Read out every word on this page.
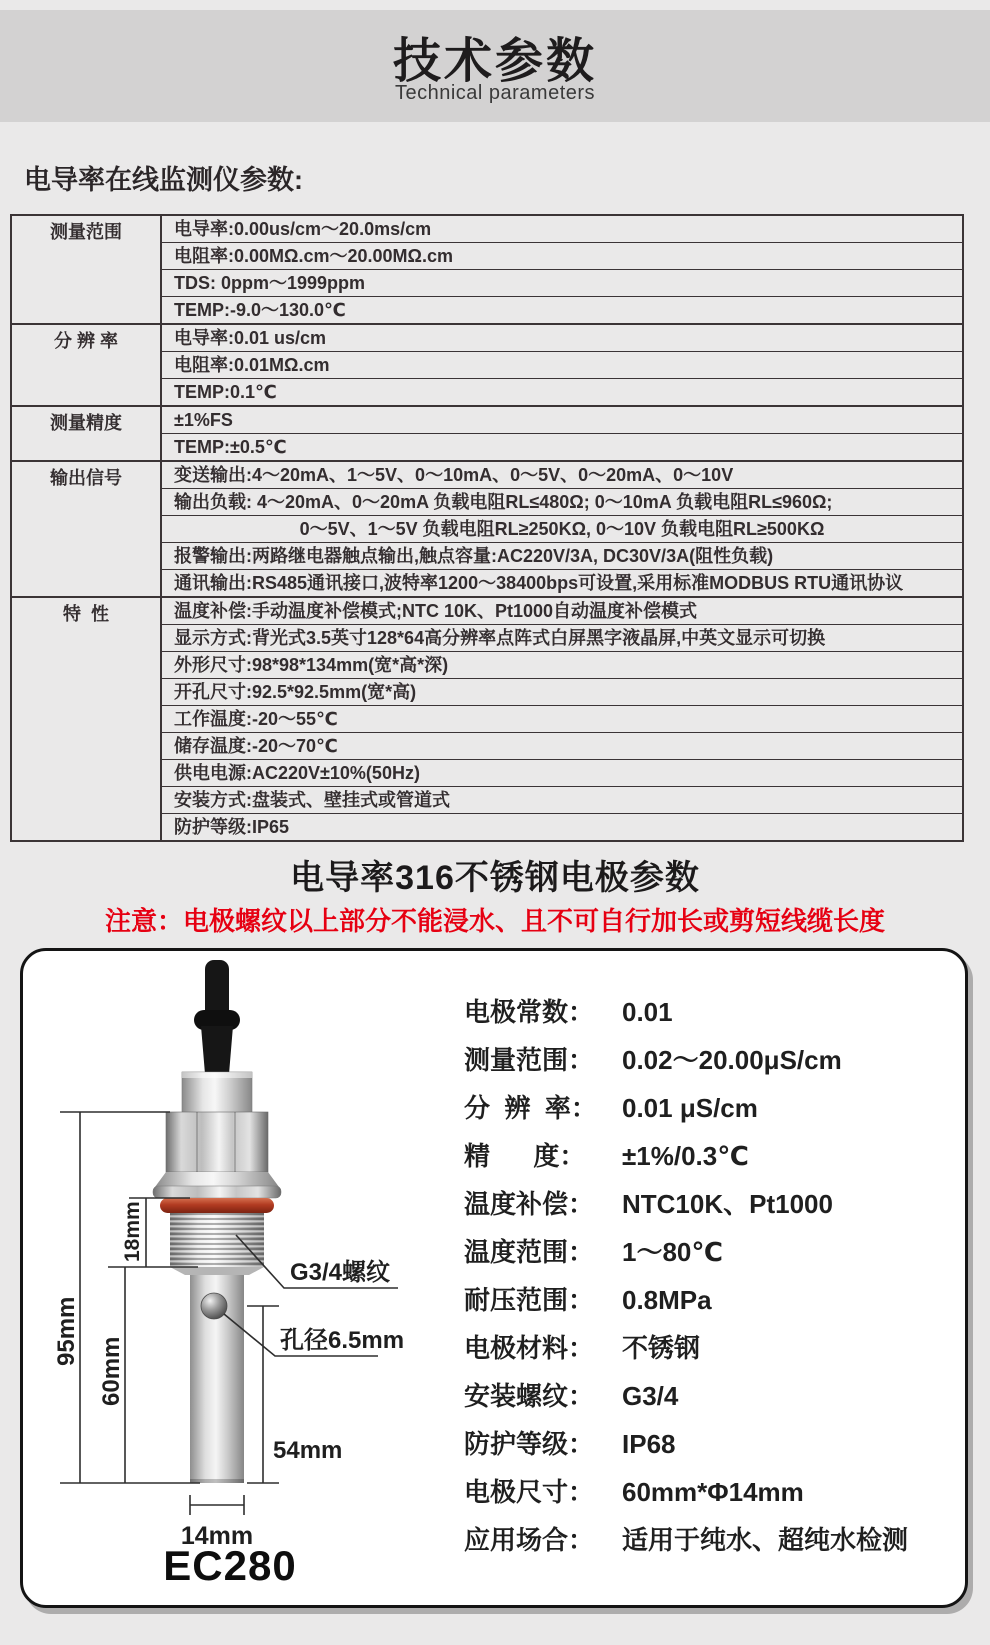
技术参数
Technical parameters
电导率在线监测仪参数:
测量范围	电导率:0.00us/cm～20.0ms/cm
电阻率:0.00MΩ.cm～20.00MΩ.cm
TDS: 0ppm～1999ppm
TEMP:-9.0～130.0℃
分 辨 率	电导率:0.01 us/cm
电阻率:0.01MΩ.cm
TEMP:0.1℃
测量精度	±1%FS
TEMP:±0.5℃
输出信号	变送输出:4～20mA、1～5V、0～10mA、0～5V、0～20mA、0～10V
输出负载: 4～20mA、0～20mA 负载电阻RL≤480Ω; 0～10mA 负载电阻RL≤960Ω;
0～5V、1～5V 负载电阻RL≥250KΩ, 0～10V 负载电阻RL≥500KΩ
报警输出:两路继电器触点输出,触点容量:AC220V/3A, DC30V/3A(阻性负载)
通讯输出:RS485通讯接口,波特率1200～38400bps可设置,采用标准MODBUS RTU通讯协议
特  性	温度补偿:手动温度补偿模式;NTC 10K、Pt1000自动温度补偿模式
显示方式:背光式3.5英寸128*64高分辨率点阵式白屏黑字液晶屏,中英文显示可切换
外形尺寸:98*98*134mm(宽*高*深)
开孔尺寸:92.5*92.5mm(宽*高)
工作温度:-20～55℃
储存温度:-20～70℃
供电电源:AC220V±10%(50Hz)
安装方式:盘装式、壁挂式或管道式
防护等级:IP65
电导率316不锈钢电极参数
注意：电极螺纹以上部分不能浸水、且不可自行加长或剪短线缆长度
95mm
18mm
60mm
54mm
14mm
G3/4螺纹
孔径6.5mm
EC280
电极常数： 0.01
测量范围： 0.02～20.00μS/cm
分  辨  率： 0.01 μS/cm
精      度： ±1%/0.3℃
温度补偿： NTC10K、Pt1000
温度范围： 1～80℃
耐压范围： 0.8MPa
电极材料： 不锈钢
安装螺纹： G3/4
防护等级： IP68
电极尺寸： 60mm*Φ14mm
应用场合： 适用于纯水、超纯水检测
